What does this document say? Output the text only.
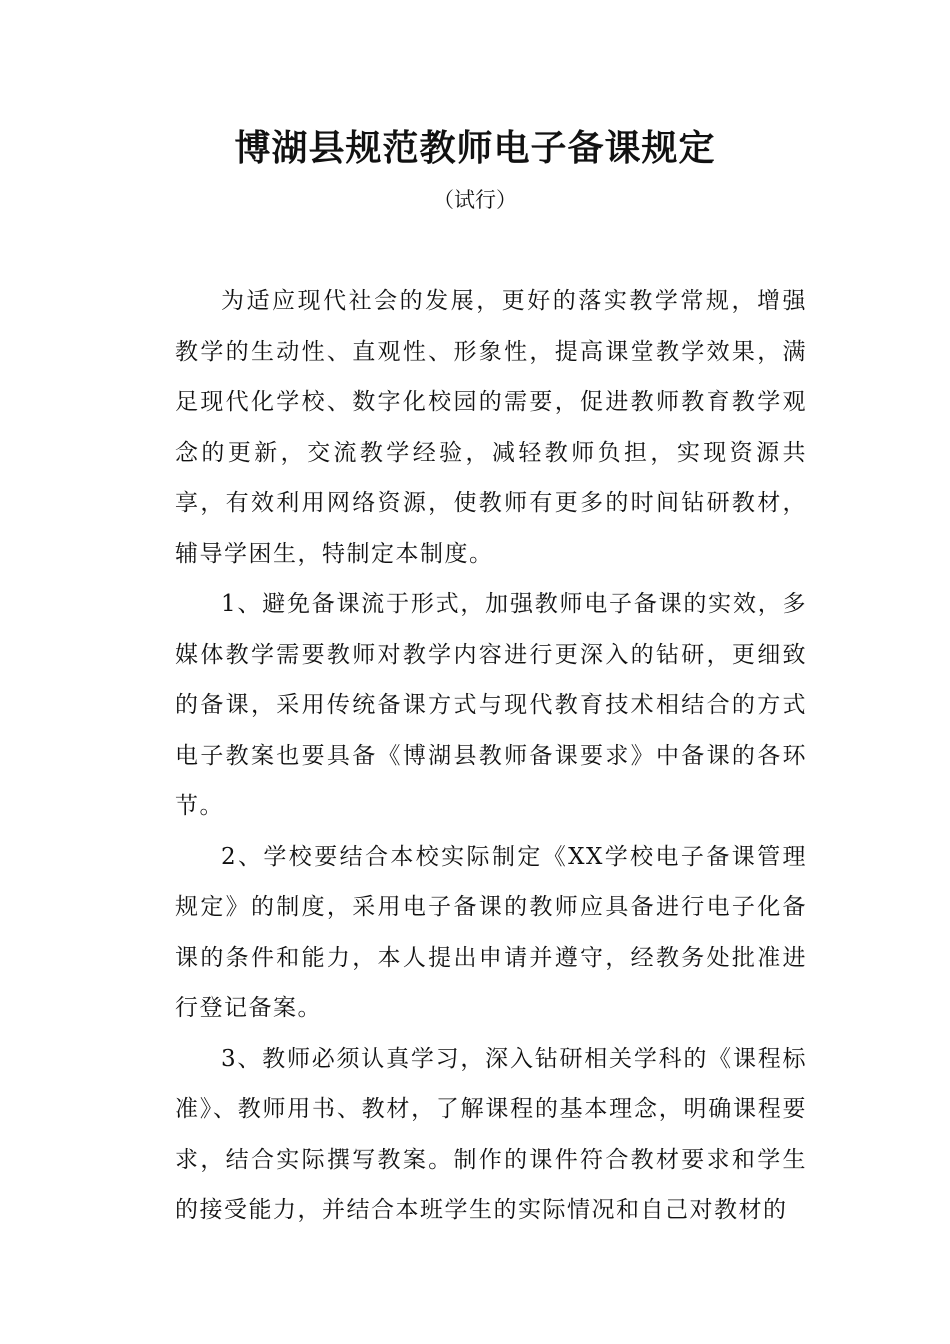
博湖县规范教师电子备课规定
（试行）

为适应现代社会的发展，更好的落实教学常规，增强教学的生动性、直观性、形象性，提高课堂教学效果，满足现代化学校、数字化校园的需要，促进教师教育教学观念的更新，交流教学经验，减轻教师负担，实现资源共享，有效利用网络资源，使教师有更多的时间钻研教材，辅导学困生，特制定本制度。

1、避免备课流于形式，加强教师电子备课的实效，多媒体教学需要教师对教学内容进行更深入的钻研，更细致的备课，采用传统备课方式与现代教育技术相结合的方式电子教案也要具备《博湖县教师备课要求》中备课的各环节。

2、学校要结合本校实际制定《XX学校电子备课管理规定》的制度，采用电子备课的教师应具备进行电子化备课的条件和能力，本人提出申请并遵守，经教务处批准进行登记备案。

3、教师必须认真学习，深入钻研相关学科的《课程标准》、教师用书、教材，了解课程的基本理念，明确课程要求，结合实际撰写教案。制作的课件符合教材要求和学生的接受能力，并结合本班学生的实际情况和自己对教材的
